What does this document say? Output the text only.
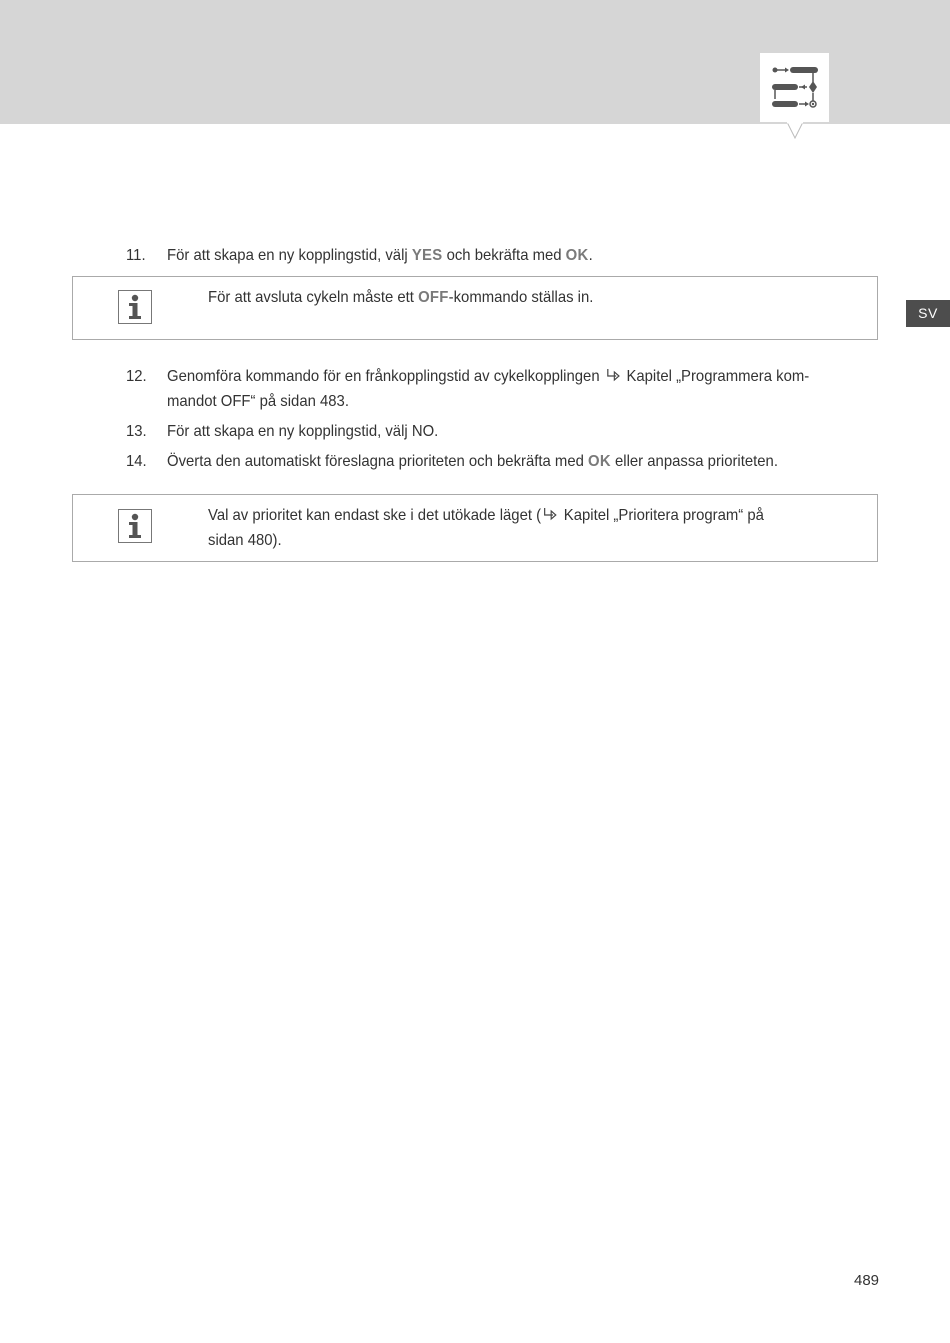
SV
11. För att skapa en ny kopplingstid, välj YES och bekräfta med OK.
För att avsluta cykeln måste ett OFF-kommando ställas in.
12. Genomföra kommando för en frånkopplingstid av cykelkopplingen  Kapitel „Programmera kom-
mandot OFF“ på sidan 483.
13. För att skapa en ny kopplingstid, välj NO.
14. Överta den automatiskt föreslagna prioriteten och bekräfta med OK eller anpassa prioriteten.
Val av prioritet kan endast ske i det utökade läget ( Kapitel „Prioritera program“ på
sidan 480).
489
